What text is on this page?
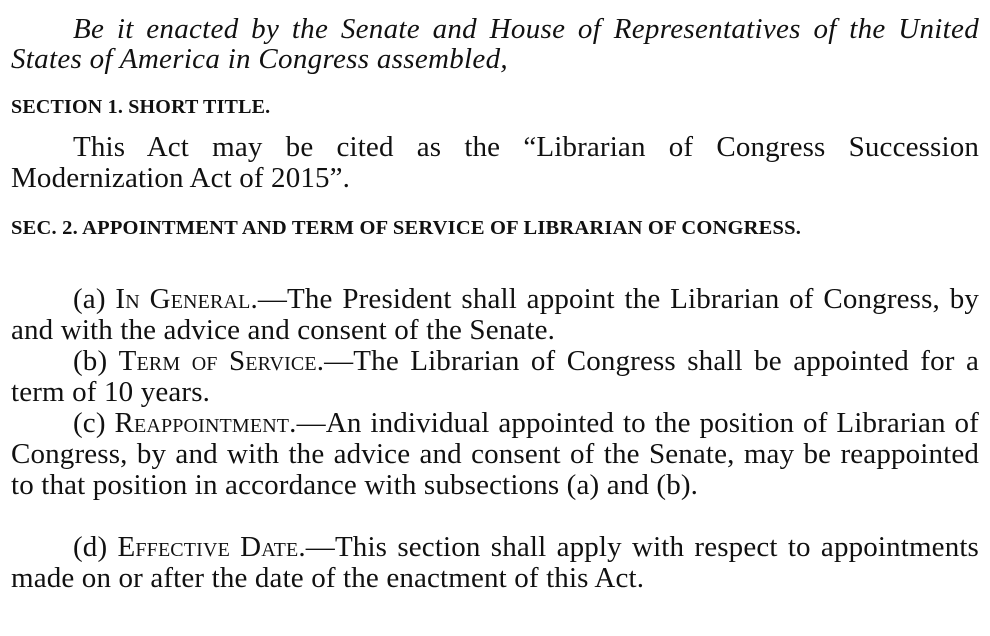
Be it enacted by the Senate and House of Representatives of the United States of America in Congress assembled,

SECTION 1. SHORT TITLE.

This Act may be cited as the “Librarian of Congress Succession Modernization Act of 2015”.

SEC. 2. APPOINTMENT AND TERM OF SERVICE OF LIBRARIAN OF CONGRESS.

(a) In General.—The President shall appoint the Librarian of Congress, by and with the advice and consent of the Senate.

(b) Term of Service.—The Librarian of Congress shall be appointed for a term of 10 years.

(c) Reappointment.—An individual appointed to the position of Librarian of Congress, by and with the advice and consent of the Senate, may be reappointed to that position in accordance with subsections (a) and (b).

(d) Effective Date.—This section shall apply with respect to appointments made on or after the date of the enactment of this Act.
